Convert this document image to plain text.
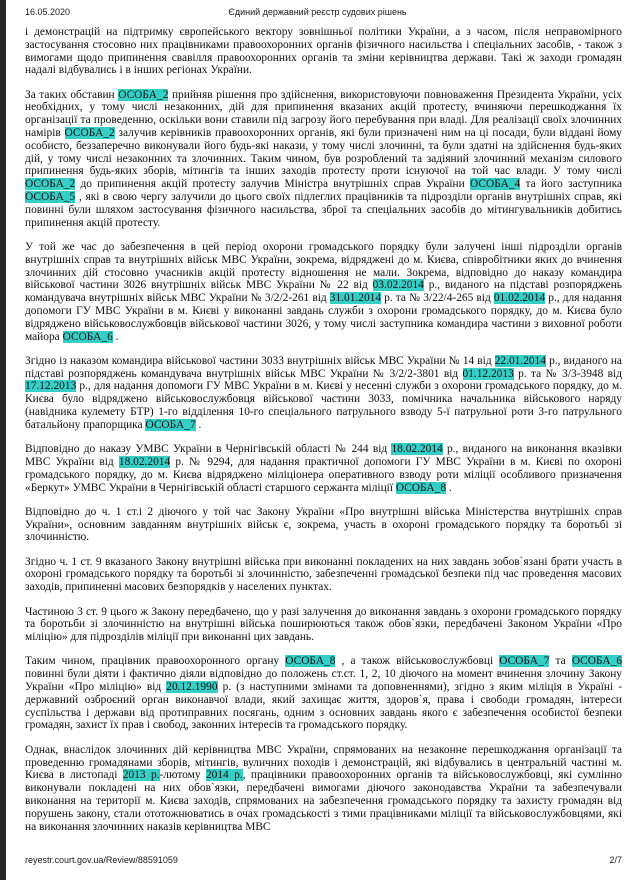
16.05.2020	Єдиний державний реєстр судових рішень

і демонстрацій на підтримку європейського вектору зовнішньої політики України, а з часом, після неправомірного застосування стосовно них працівниками правоохоронних органів фізичного насильства і спеціальних засобів, - також з вимогами щодо припинення свавілля правоохоронних органів та зміни керівництва держави. Такі ж заходи громадян надалі відбувались і в інших регіонах України.

За таких обставин ОСОБА_2 прийняв рішення про здійснення, використовуючи повноваження Президента України, усіх необхідних, у тому числі незаконних, дій для припинення вказаних акцій протесту, вчиняючи перешкоджання їх організації та проведенню, оскільки вони ставили під загрозу його перебування при владі. Для реалізації своїх злочинних намірів ОСОБА_2 залучив керівників правоохоронних органів, які були призначені ним на ці посади, були віддані йому особисто, беззаперечно виконували його будь-які накази, у тому числі злочинні, та були здатні на здійснення будь-яких дій, у тому числі незаконних та злочинних. Таким чином, був розроблений та задіяний злочинний механізм силового припинення будь-яких зборів, мітингів та інших заходів протесту проти існуючої на той час влади. У тому числі ОСОБА_2 до припинення акцій протесту залучив Міністра внутрішніх справ України ОСОБА_4 та його заступника ОСОБА_5 , які в свою чергу залучили до цього своїх підлеглих працівників та підрозділи органів внутрішніх справ, які повинні були шляхом застосування фізичного насильства, зброї та спеціальних засобів до мітингувальників добитись припинення акцій протесту.

У той же час до забезпечення в цей період охорони громадського порядку були залучені інші підрозділи органів внутрішніх справ та внутрішніх військ МВС України, зокрема, відряджені до м. Києва, співробітники яких до вчинення злочинних дій стосовно учасників акцій протесту відношення не мали. Зокрема, відповідно до наказу командира військової частини 3026 внутрішніх військ МВС України № 22 від 03.02.2014 р., виданого на підставі розпоряджень командувача внутрішніх військ МВС України № 3/2/2-261 від 31.01.2014 р. та № 3/22/4-265 від 01.02.2014 р., для надання допомоги ГУ МВС України в м. Києві у виконанні завдань служби з охорони громадського порядку, до м. Києва було відряджено військовослужбовців військової частини 3026, у тому числі заступника командира частини з виховної роботи майора ОСОБА_6 .

Згідно із наказом командира військової частини 3033 внутрішніх військ МВС України № 14 від 22.01.2014 р., виданого на підставі розпоряджень командувача внутрішніх військ МВС України № 3/2/2-3801 від 01.12.2013 р. та № 3/3-3948 від 17.12.2013 р., для надання допомоги ГУ МВС України в м. Києві у несенні служби з охорони громадського порядку, до м. Києва було відряджено військовослужбовця військової частини 3033, помічника начальника військового наряду (навідника кулемету БТР) 1-го відділення 10-го спеціального патрульного взводу 5-ї патрульної роти 3-го патрульного батальйону прапорщика ОСОБА_7 .

Відповідно до наказу УМВС України в Чернігівській області № 244 від 18.02.2014 р., виданого на виконання вказівки МВС України від 18.02.2014 р. № 9294, для надання практичної допомоги ГУ МВС України в м. Києві по охороні громадського порядку, до м. Києва відряджено міліціонера оперативного взводу роти міліції особливого призначення «Беркут» УМВС України в Чернігівській області старшого сержанта міліції ОСОБА_8 .

Відповідно до ч. 1 ст.і 2 діючого у той час Закону України «Про внутрішні війська Міністерства внутрішніх справ України», основним завданням внутрішніх військ є, зокрема, участь в охороні громадського порядку та боротьбі зі злочинністю.

Згідно ч. 1 ст. 9 вказаного Закону внутрішні війська при виконанні покладених на них завдань зобов`язані брати участь в охороні громадського порядку та боротьбі зі злочинністю, забезпеченні громадської безпеки під час проведення масових заходів, припиненні масових безпорядків у населених пунктах.

Частиною 3 ст. 9 цього ж Закону передбачено, що у разі залучення до виконання завдань з охорони громадського порядку та боротьби зі злочинністю на внутрішні війська поширюються також обов`язки, передбачені Законом України «Про міліцію» для підрозділів міліції при виконанні цих завдань.

Таким чином, працівник правоохоронного органу ОСОБА_8 , а також військовослужбовці ОСОБА_7 та ОСОБА_6 повинні були діяти і фактично діяли відповідно до положень ст.ст. 1, 2, 10 діючого на момент вчинення злочину Закону України «Про міліцію» від 20.12.1990 р. (з наступними змінами та доповненнями), згідно з яким міліція в Україні - державний озброєний орган виконавчої влади, який захищає життя, здоров`я, права і свободи громадян, інтереси суспільства і держави від протиправних посягань, одним з основних завдань якого є забезпечення особистої безпеки громадян, захист їх прав і свобод, законних інтересів та громадського порядку.

Однак, внаслідок злочинних дій керівництва МВС України, спрямованих на незаконне перешкоджання організації та проведенню громадянами зборів, мітингів, вуличних походів і демонстрацій, які відбувались в центральній частині м. Києва в листопаді 2013 р.-лютому 2014 р., працівники правоохоронних органів та військовослужбовці, які сумлінно виконували покладені на них обов`язки, передбачені вимогами діючого законодавства України та забезпечували виконання на території м. Києва заходів, спрямованих на забезпечення громадського порядку та захисту громадян від порушень закону, стали ототожнюватись в очах громадськості з тими працівниками міліції та військовослужбовцями, які на виконання злочинних наказів керівництва МВС

reyestr.court.gov.ua/Review/88591059	2/7
